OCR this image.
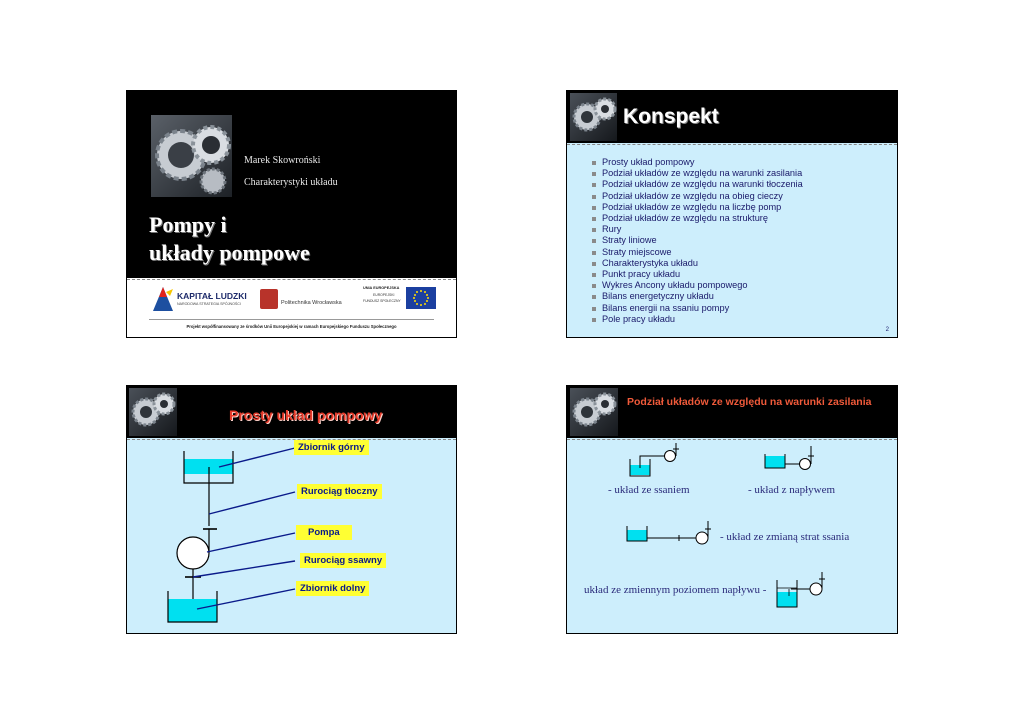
Marek Skowroński
Charakterystyki układu
Pompy i
układy pompowe
KAPITAŁ LUDZKI
NARODOWA STRATEGIA SPÓJNOŚCI	Politechnika Wrocławska
UNIA EUROPEJSKA
EUROPEJSKI
FUNDUSZ SPOŁECZNY
Projekt współfinansowany ze środków Unii Europejskiej w ramach Europejskiego Funduszu Społecznego
Konspekt
Prosty układ pompowy
Podział układów ze względu na warunki zasilania
Podział układów ze względu na warunki tłoczenia
Podział układów ze względu na obieg cieczy
Podział układów ze względu na liczbę pomp
Podział układów ze względu na strukturę
Rury
Straty liniowe
Straty miejscowe
Charakterystyka układu
Punkt pracy układu
Wykres Ancony układu pompowego
Bilans energetyczny układu
Bilans energii na ssaniu pompy
Pole pracy układu
2
Prosty układ pompowy
Zbiornik górny
Rurociąg tłoczny
Pompa
Rurociąg ssawny
Zbiornik dolny
Podział układów ze względu na warunki zasilania
- układ ze ssaniem	- układ z napływem
- układ ze zmianą strat ssania
układ ze zmiennym poziomem napływu -
